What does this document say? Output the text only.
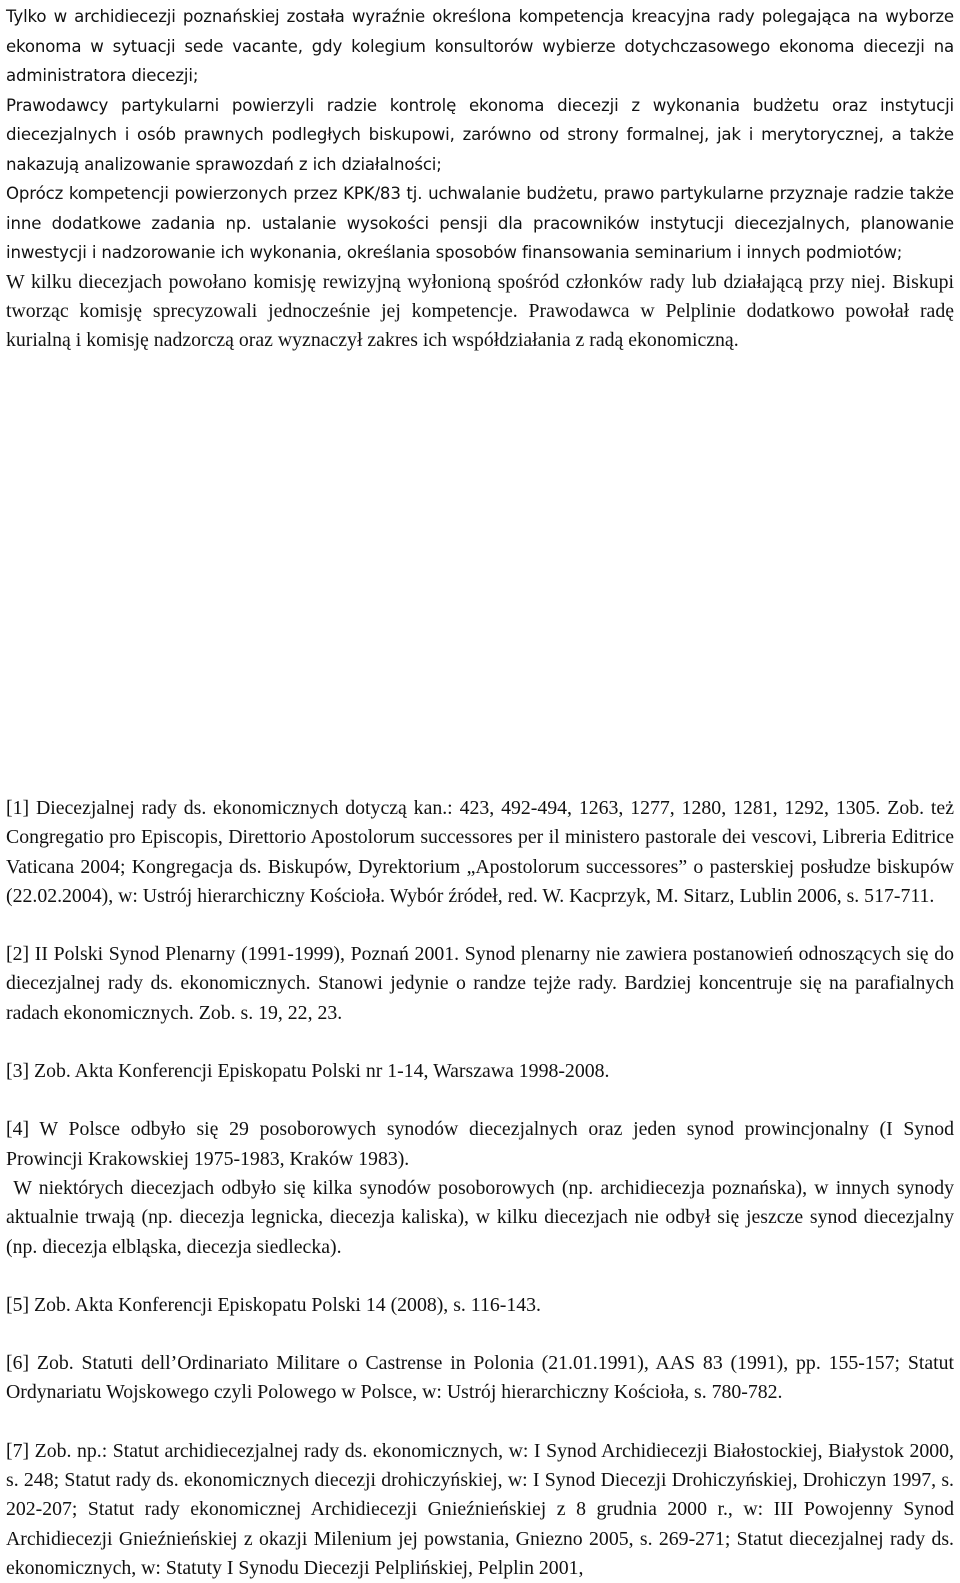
Tylko w archidiecezji poznańskiej została wyraźnie określona kompetencja kreacyjna rady polegająca na wyborze ekonoma w sytuacji sede vacante, gdy kolegium konsultorów wybierze dotychczasowego ekonoma diecezji na administratora diecezji;

Prawodawcy partykularni powierzyli radzie kontrolę ekonoma diecezji z wykonania budżetu oraz instytucji diecezjalnych i osób prawnych podległych biskupowi, zarówno od strony formalnej, jak i merytorycznej, a także nakazują analizowanie sprawozdań z ich działalności;

Oprócz kompetencji powierzonych przez KPK/83 tj. uchwalanie budżetu, prawo partykularne przyznaje radzie także inne dodatkowe zadania np. ustalanie wysokości pensji dla pracowników instytucji diecezjalnych, planowanie inwestycji i nadzorowanie ich wykonania, określania sposobów finansowania seminarium i innych podmiotów;

W kilku diecezjach powołano komisję rewizyjną wyłonioną spośród członków rady lub działającą przy niej. Biskupi tworząc komisję sprecyzowali jednocześnie jej kompetencje. Prawodawca w Pelplinie dodatkowo powołał radę kurialną i komisję nadzorczą oraz wyznaczył zakres ich współdziałania z radą ekonomiczną.

[1] Diecezjalnej rady ds. ekonomicznych dotyczą kan.: 423, 492-494, 1263, 1277, 1280, 1281, 1292, 1305. Zob. też Congregatio pro Episcopis, Direttorio Apostolorum successores per il ministero pastorale dei vescovi, Libreria Editrice Vaticana 2004; Kongregacja ds. Biskupów, Dyrektorium „Apostolorum successores” o pasterskiej posłudze biskupów (22.02.2004), w: Ustrój hierarchiczny Kościoła. Wybór źródeł, red. W. Kacprzyk, M. Sitarz, Lublin 2006, s. 517-711.

[2] II Polski Synod Plenarny (1991-1999), Poznań 2001. Synod plenarny nie zawiera postanowień odnoszących się do diecezjalnej rady ds. ekonomicznych. Stanowi jedynie o randze tejże rady. Bardziej koncentruje się na parafialnych radach ekonomicznych. Zob. s. 19, 22, 23.

[3] Zob. Akta Konferencji Episkopatu Polski nr 1-14, Warszawa 1998-2008.

[4] W Polsce odbyło się 29 posoborowych synodów diecezjalnych oraz jeden synod prowincjonalny (I Synod Prowincji Krakowskiej 1975-1983, Kraków 1983).

W niektórych diecezjach odbyło się kilka synodów posoborowych (np. archidiecezja poznańska), w innych synody aktualnie trwają (np. diecezja legnicka, diecezja kaliska), w kilku diecezjach nie odbył się jeszcze synod diecezjalny (np. diecezja elbląska, diecezja siedlecka).

[5] Zob. Akta Konferencji Episkopatu Polski 14 (2008), s. 116-143.

[6] Zob. Statuti dell’Ordinariato Militare o Castrense in Polonia (21.01.1991), AAS 83 (1991), pp. 155-157; Statut Ordynariatu Wojskowego czyli Polowego w Polsce, w: Ustrój hierarchiczny Kościoła, s. 780-782.

[7] Zob. np.: Statut archidiecezjalnej rady ds. ekonomicznych, w: I Synod Archidiecezji Białostockiej, Białystok 2000, s. 248; Statut rady ds. ekonomicznych diecezji drohiczyńskiej, w: I Synod Diecezji Drohiczyńskiej, Drohiczyn 1997, s. 202-207; Statut rady ekonomicznej Archidiecezji Gnieźnieńskiej z 8 grudnia 2000 r., w: III Powojenny Synod Archidiecezji Gnieźnieńskiej z okazji Milenium jej powstania, Gniezno 2005, s. 269-271; Statut diecezjalnej rady ds. ekonomicznych, w: Statuty I Synodu Diecezji Pelplińskiej, Pelplin 2001,
